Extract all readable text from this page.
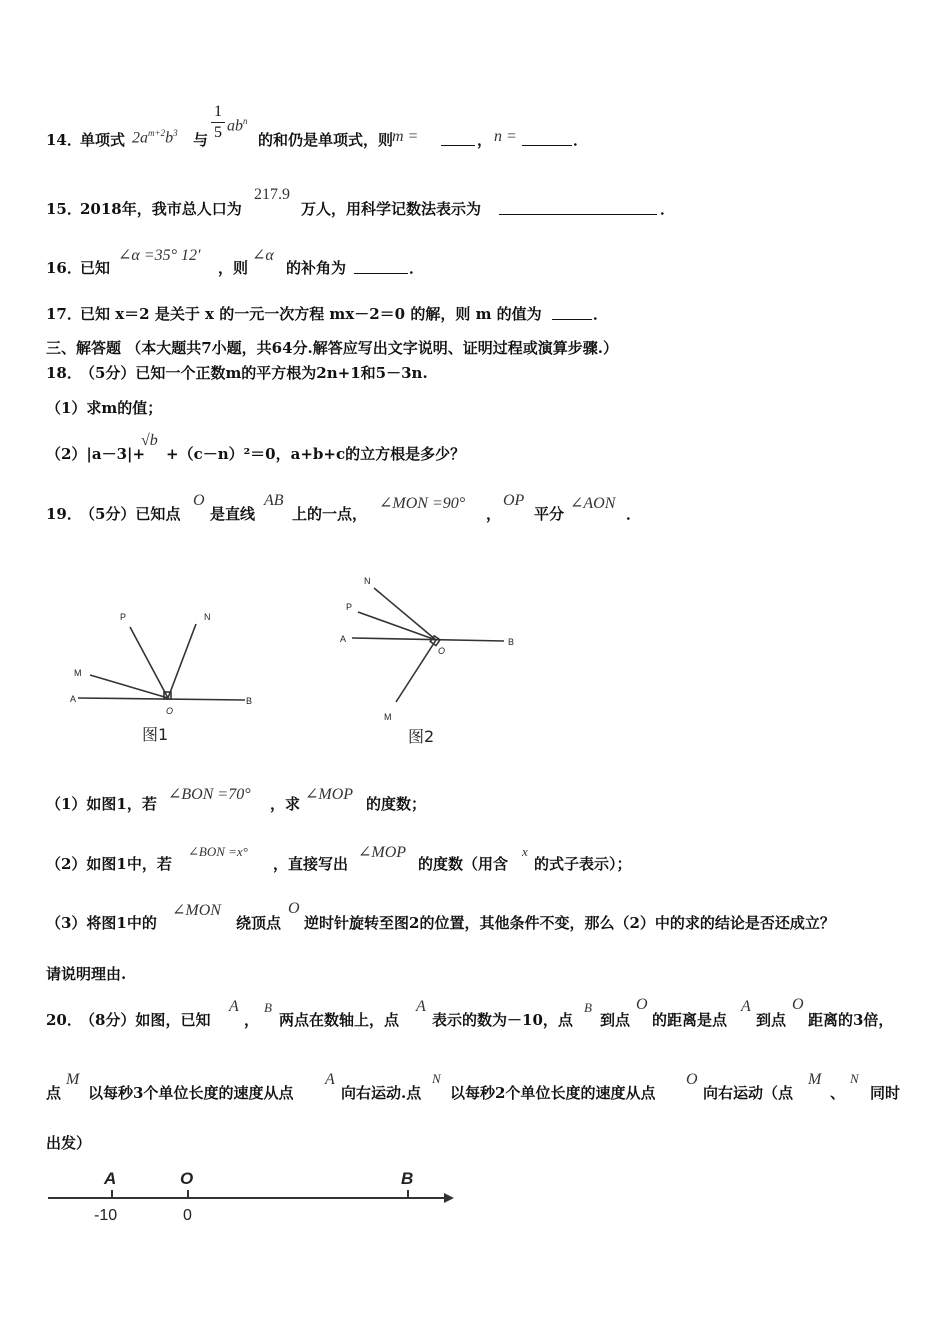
14．
单项式 $2a^{m+2}b^3$ 与
1
5 $ab^n$
的和仍是单项式，则
m =	， n =	．
15．
2018年，我市总人口为
217.9
万人，用科学记数法表示为	．
16．
已知
∠α =35° 12′
，则
∠α
的补角为	．
17．
已知 x＝2 是关于 x 的一元一次方程 mx－2＝0 的解，则 m 的值为	．
三、解答题 （本大题共7小题，共64分.解答应写出文字说明、证明过程或演算步骤.）
18．
（5分）已知一个正数m的平方根为2n+1和5－3n.
（1）求m的值；
（2）|a－3|+
√b
+（c－n）²＝0，a+b+c的立方根是多少？
19．
（5分）已知点
O
是直线
AB
上的一点，
∠MON =90°
，
OP
平分
∠AON
．
P	N
M
A
O
B
图1
N
P
A
O
B
M
图2
（1）如图1，若
∠BON =70°
，求
∠MOP
的度数；
（2）如图1中，若
∠BON =x°
，直接写出
∠MOP
的度数（用含
x
的式子表示）；
（3）将图1中的
∠MON
绕顶点
O
逆时针旋转至图2的位置，其他条件不变，那么（2）中的求的结论是否还成立？
请说明理由.
20．
（8分）如图，已知
A
，
B
两点在数轴上，点
A
表示的数为－10，点
B
到点
O
的距离是点
A
到点
O
距离的3倍，
点
M
以每秒3个单位长度的速度从点
A
向右运动.点
N
以每秒2个单位长度的速度从点
O
向右运动（点
M
、
N
同时
出发）
A	O	B
-10	0
